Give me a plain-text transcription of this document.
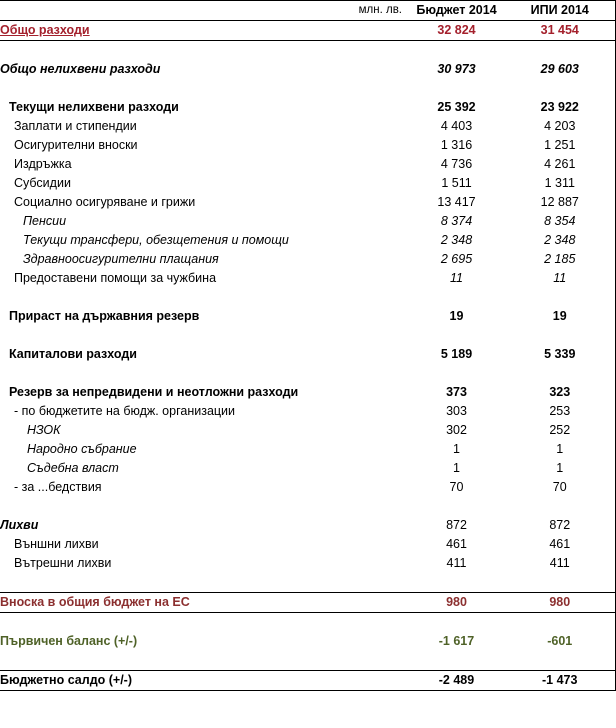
млн. лв.	Бюджет 2014	ИПИ 2014
Общо разходи	32 824	31 454

Общо нелихвени разходи	30 973	29 603

Текущи нелихвени разходи	25 392	23 922
Заплати и стипендии	4 403	4 203
Осигурителни вноски	1 316	1 251
Издръжка	4 736	4 261
Субсидии	1 511	1 311
Социално осигуряване и грижи	13 417	12 887
Пенсии	8 374	8 354
Текущи трансфери, обезщетения и помощи	2 348	2 348
Здравноосигурителни плащания	2 695	2 185
Предоставени помощи за чужбина	11	11

Прираст на държавния резерв	19	19

Капиталови разходи	5 189	5 339

Резерв за непредвидени и неотложни разходи	373	323
- по бюджетите на бюдж. организации	303	253
НЗОК	302	252
Народно събрание	1	1
Съдебна власт	1	1
- за ...бедствия	70	70

Лихви	872	872
Външни лихви	461	461
Вътрешни лихви	411	411

Вноска в общия бюджет на ЕС	980	980

Първичен баланс (+/-)	-1 617	-601

Бюджетно салдо (+/-)	-2 489	-1 473
